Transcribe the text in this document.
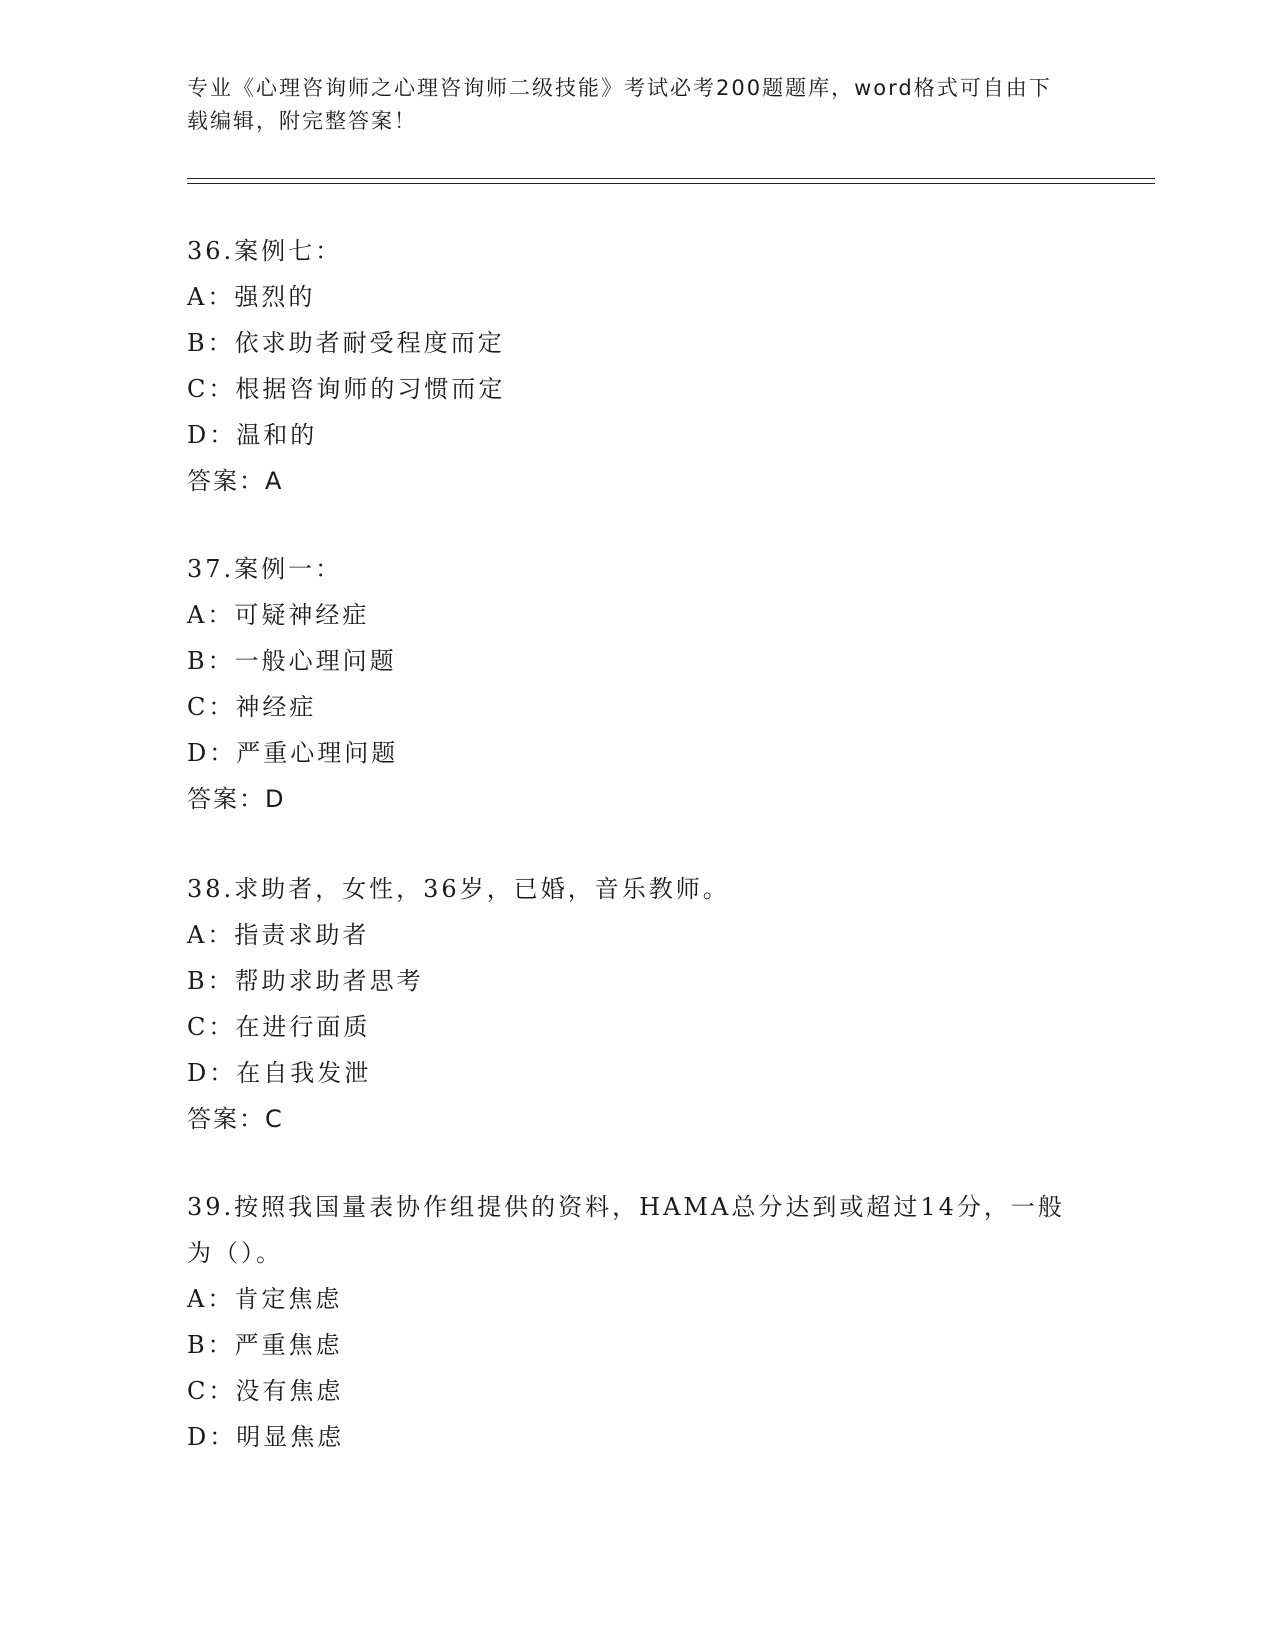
专业《心理咨询师之心理咨询师二级技能》考试必考200题题库，word格式可自由下载编辑，附完整答案！
36.案例七：
A：强烈的
B：依求助者耐受程度而定
C：根据咨询师的习惯而定
D：温和的
答案：A
37.案例一：
A：可疑神经症
B：一般心理问题
C：神经症
D：严重心理问题
答案：D
38.求助者，女性，36岁，已婚，音乐教师。
A：指责求助者
B：帮助求助者思考
C：在进行面质
D：在自我发泄
答案：C
39.按照我国量表协作组提供的资料，HAMA总分达到或超过14分，一般为（）。
A：肯定焦虑
B：严重焦虑
C：没有焦虑
D：明显焦虑
